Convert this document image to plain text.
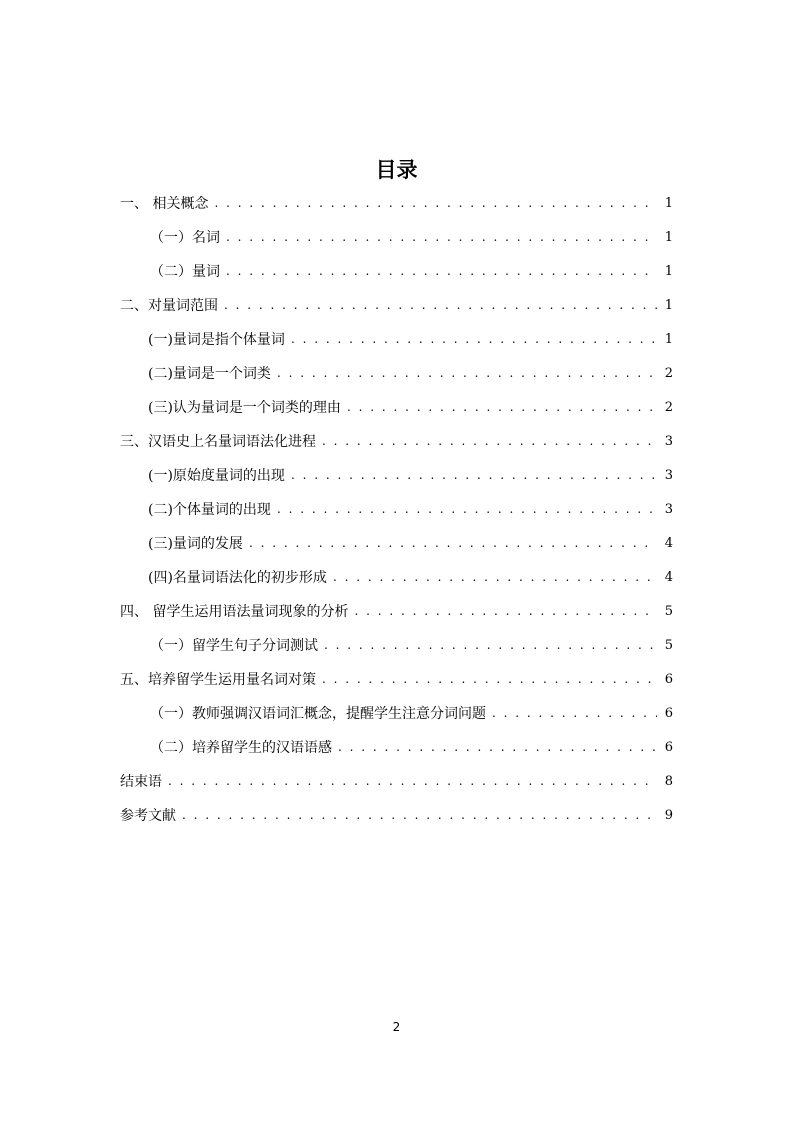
目录
一、 相关概念 . . .	1
（一）名词 . . .	1
（二）量词 . . .	1
二、对量词范围 . . .	1
(一)量词是指个体量词 . . .	1
(二)量词是一个词类 . . .	2
(三)认为量词是一个词类的理由 . . .	2
三、汉语史上名量词语法化进程 . . .	3
(一)原始度量词的出现 . . .	3
(二)个体量词的出现 . . .	3
(三)量词的发展 . . .	4
(四)名量词语法化的初步形成 . . .	4
四、 留学生运用语法量词现象的分析 . . .	5
（一）留学生句子分词测试 . . .	5
五、培养留学生运用量名词对策 . . .	6
（一）教师强调汉语词汇概念，提醒学生注意分词问题 . . .	6
（二）培养留学生的汉语语感 . . .	6
结束语 . . .	8
参考文献 . . .	9
2
